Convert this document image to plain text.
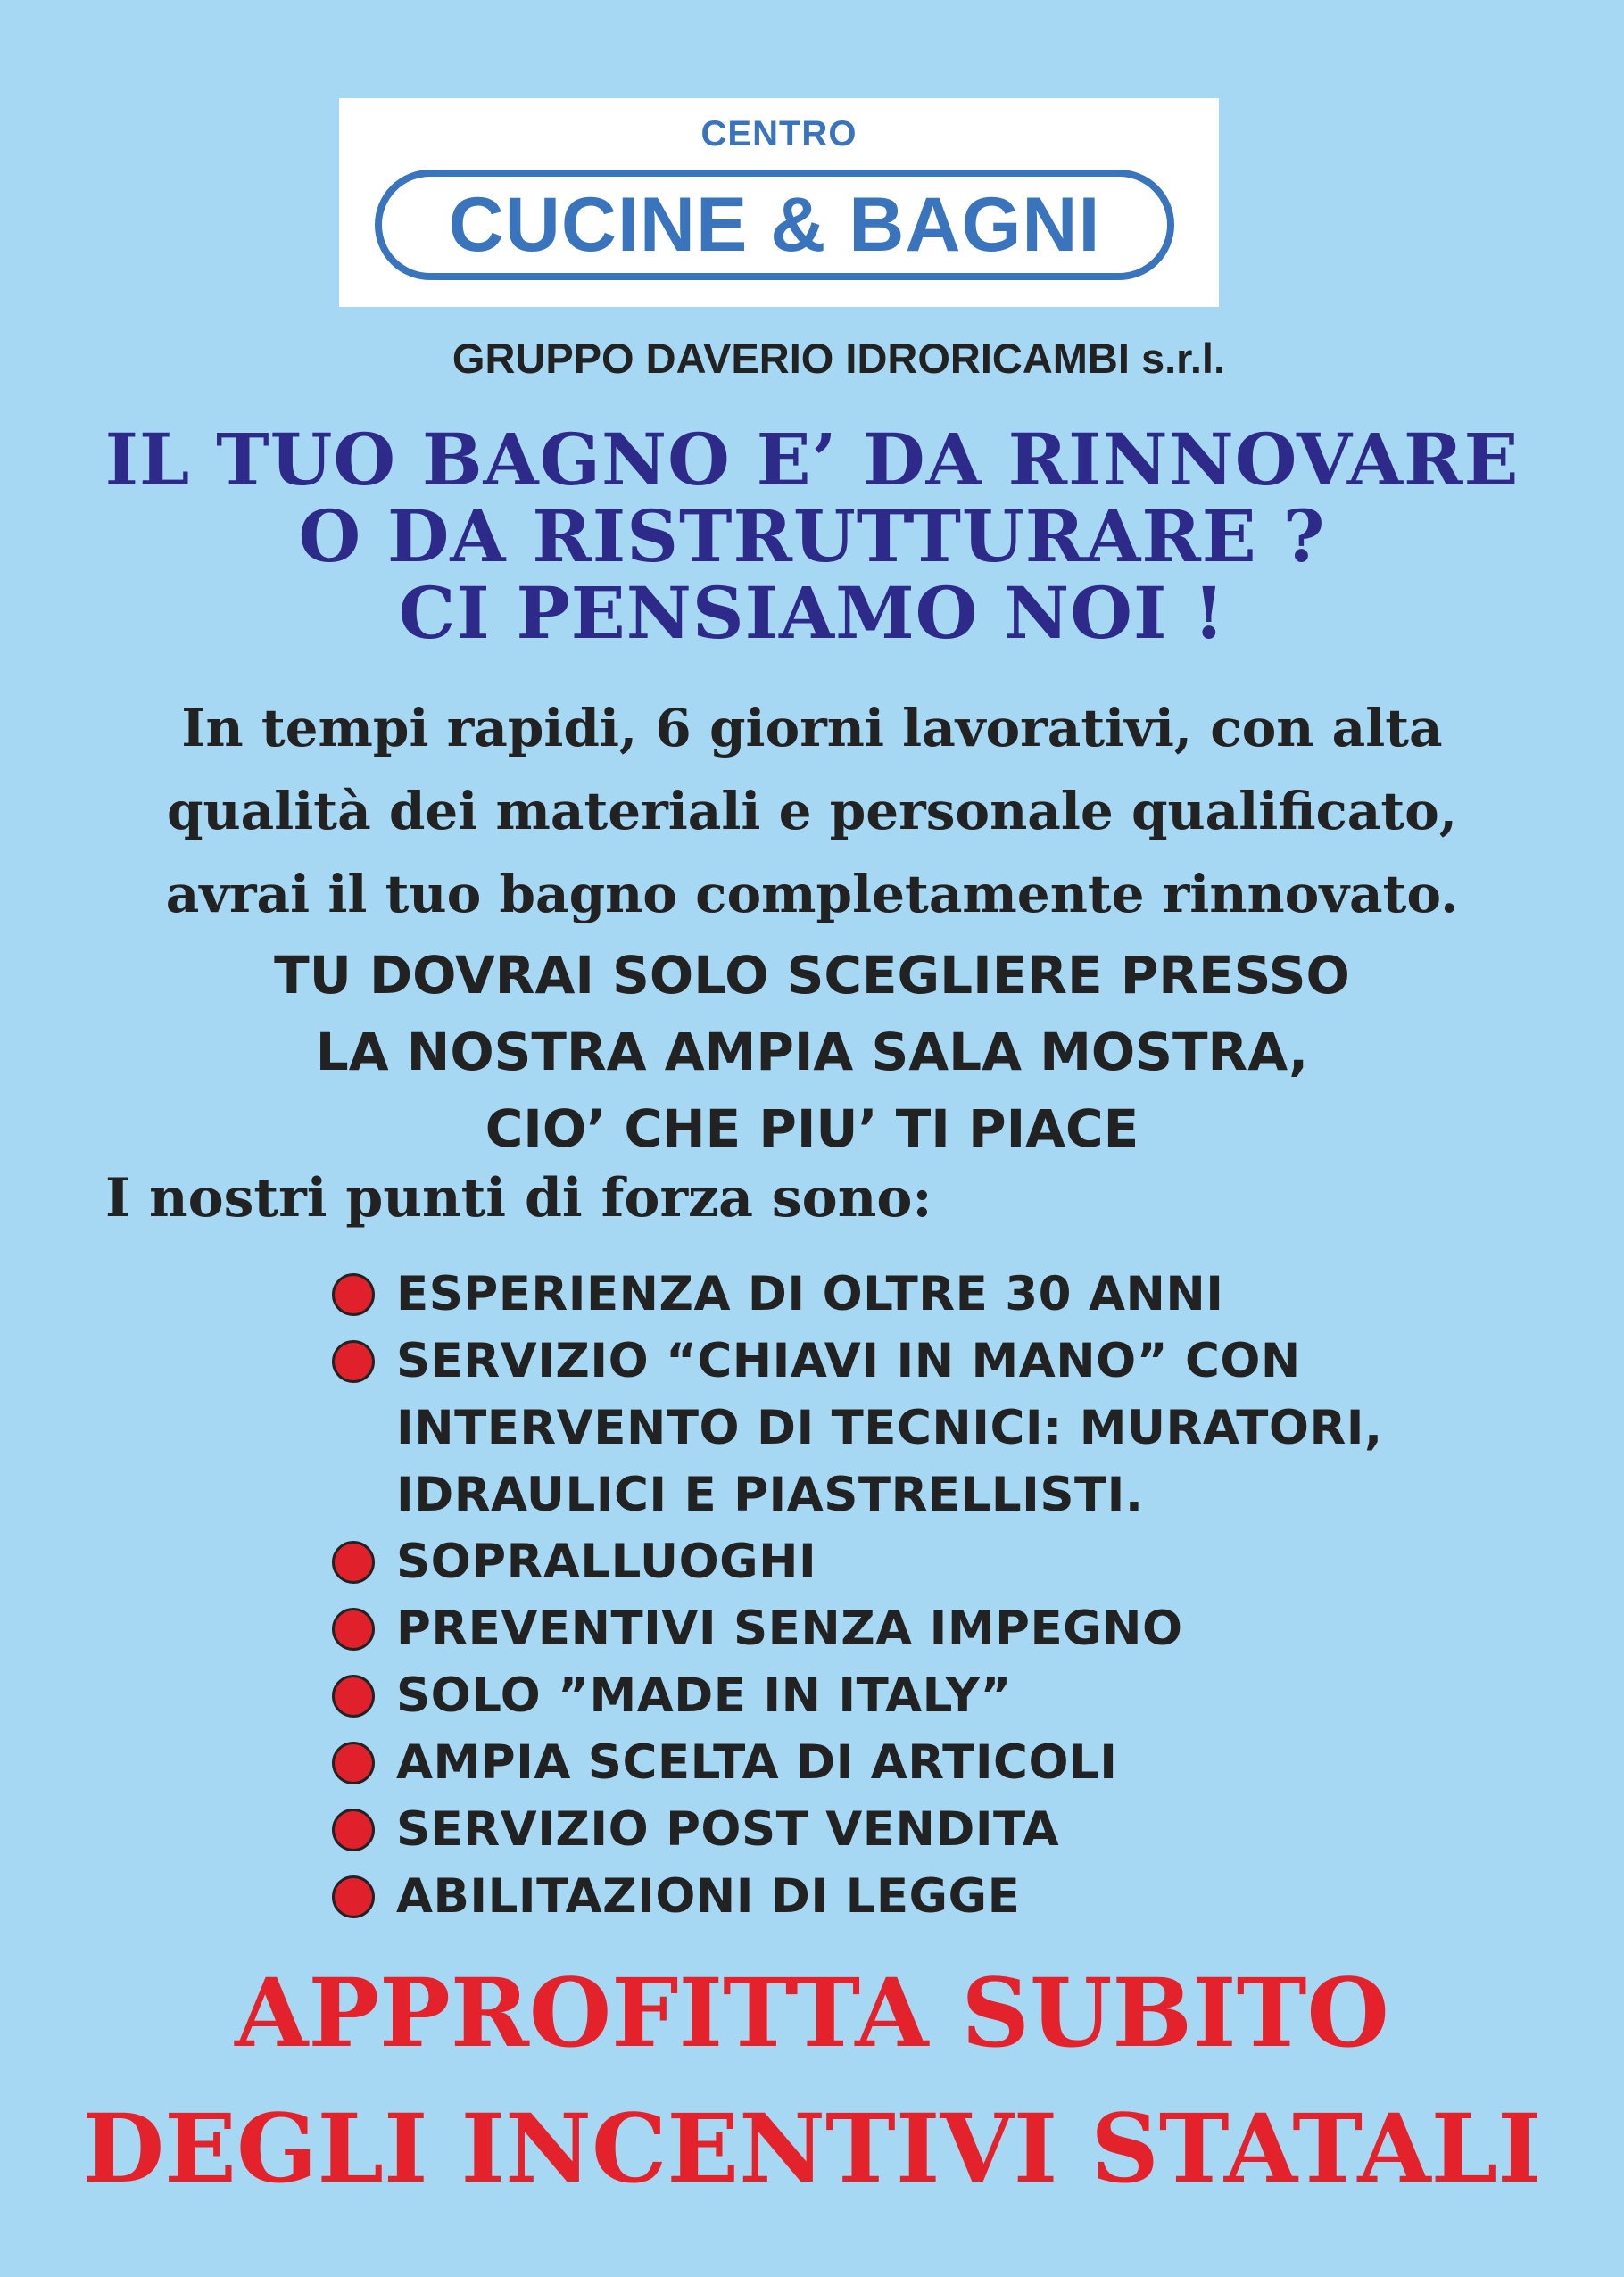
CENTRO
CUCINE & BAGNI
GRUPPO DAVERIO IDRORICAMBI s.r.l.
IL TUO BAGNO E’ DA RINNOVARE
O DA RISTRUTTURARE ?
CI PENSIAMO NOI !
In tempi rapidi, 6 giorni lavorativi, con alta
qualità dei materiali e personale qualificato,
avrai il tuo bagno completamente rinnovato.
TU DOVRAI SOLO SCEGLIERE PRESSO
LA NOSTRA AMPIA SALA MOSTRA,
CIO’ CHE PIU’ TI PIACE
I nostri punti di forza sono:
ESPERIENZA DI OLTRE 30 ANNI
SERVIZIO “CHIAVI IN MANO” CON
INTERVENTO DI TECNICI: MURATORI,
IDRAULICI E PIASTRELLISTI.
SOPRALLUOGHI
PREVENTIVI SENZA IMPEGNO
SOLO ”MADE IN ITALY”
AMPIA SCELTA DI ARTICOLI
SERVIZIO POST VENDITA
ABILITAZIONI DI LEGGE
APPROFITTA SUBITO
DEGLI INCENTIVI STATALI
